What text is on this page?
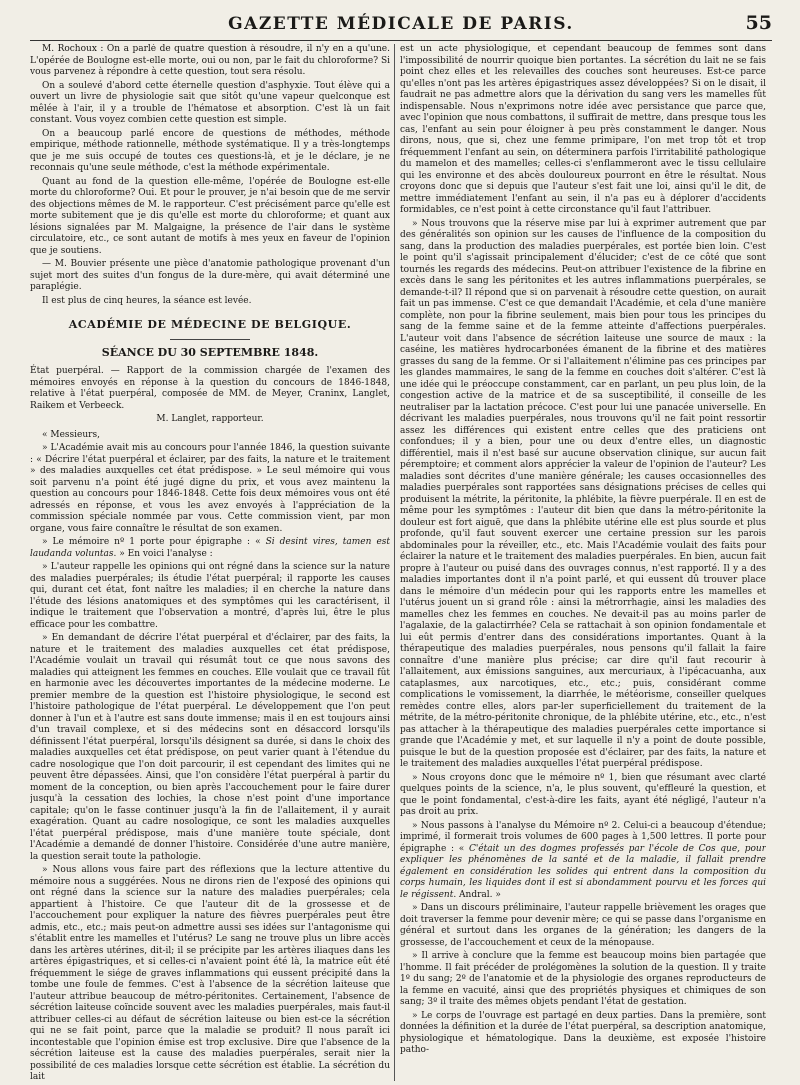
GAZETTE MÉDICALE DE PARIS.	55

M. Rochoux : On a parlé de quatre question à résoudre, il n'y en a qu'une. L'opérée de Boulogne est-elle morte, oui ou non, par le fait du chloroforme? Si vous parvenez à répondre à cette question, tout sera résolu.

On a soulevé d'abord cette éternelle question d'asphyxie. Tout élève qui a ouvert un livre de physiologie sait que sitôt qu'une vapeur quelconque est mêlée à l'air, il y a trouble de l'hématose et absorption. C'est là un fait constant. Vous voyez combien cette question est simple.

On a beaucoup parlé encore de questions de méthodes, méthode empirique, méthode rationnelle, méthode systématique. Il y a très-longtemps que je me suis occupé de toutes ces questions-là, et je le déclare, je ne reconnais qu'une seule méthode, c'est la méthode expérimentale.

Quant au fond de la question elle-même, l'opérée de Boulogne est-elle morte du chloroforme? Oui. Et pour le prouver, je n'ai besoin que de me servir des objections mêmes de M. le rapporteur. C'est précisément parce qu'elle est morte subitement que je dis qu'elle est morte du chloroforme; et quant aux lésions signalées par M. Malgaigne, la présence de l'air dans le système circulatoire, etc., ce sont autant de motifs à mes yeux en faveur de l'opinion que je soutiens.

— M. Bouvier présente une pièce d'anatomie pathologique provenant d'un sujet mort des suites d'un fongus de la dure-mère, qui avait déterminé une paraplégie.

Il est plus de cinq heures, la séance est levée.

ACADÉMIE DE MÉDECINE DE BELGIQUE.
SÉANCE DU 30 SEPTEMBRE 1848.

État puerpéral. — Rapport de la commission chargée de l'examen des mémoires envoyés en réponse à la question du concours de 1846-1848, relative à l'état puerpéral, composée de MM. de Meyer, Craninx, Langlet, Raikem et Verbeeck.

M. Langlet, rapporteur.

« Messieurs,

» L'Académie avait mis au concours pour l'année 1846, la question suivante : « Décrire l'état puerpéral et éclairer, par des faits, la nature et le traitement » des maladies auxquelles cet état prédispose. » Le seul mémoire qui vous soit parvenu n'a point été jugé digne du prix, et vous avez maintenu la question au concours pour 1846-1848. Cette fois deux mémoires vous ont été adressés en réponse, et vous les avez envoyés à l'appréciation de la commission spéciale nommée par vous. Cette commission vient, par mon organe, vous faire connaître le résultat de son examen.

» Le mémoire nº 1 porte pour épigraphe : « Si desint vires, tamen est laudanda voluntas. » En voici l'analyse :

» L'auteur rappelle les opinions qui ont régné dans la science sur la nature des maladies puerpérales; ils étudie l'état puerpéral; il rapporte les causes qui, durant cet état, font naître les maladies; il en cherche la nature dans l'étude des lésions anatomiques et des symptômes qui les caractérisent, il indique le traitement que l'observation a montré, d'après lui, être le plus efficace pour les combattre.

» En demandant de décrire l'état puerpéral et d'éclairer, par des faits, la nature et le traitement des maladies auxquelles cet état prédispose, l'Académie voulait un travail qui résumât tout ce que nous savons des maladies qui atteignent les femmes en couches. Elle voulait que ce travail fût en harmonie avec les découvertes importantes de la médecine moderne. Le premier membre de la question est l'histoire physiologique, le second est l'histoire pathologique de l'état puerpéral. Le développement que l'on peut donner à l'un et à l'autre est sans doute immense; mais il en est toujours ainsi d'un travail complexe, et si des médecins sont en désaccord lorsqu'ils définissent l'état puerpéral, lorsqu'ils désignent sa durée, si dans le choix des maladies auxquelles cet état prédispose, on peut varier quant à l'étendue du cadre nosologique que l'on doit parcourir, il est cependant des limites qui ne peuvent être dépassées. Ainsi, que l'on considère l'état puerpéral à partir du moment de la conception, ou bien après l'accouchement pour le faire durer jusqu'à la cessation des lochies, la chose n'est point d'une importance capitale; qu'on le fasse continuer jusqu'à la fin de l'allaitement, il y aurait exagération. Quant au cadre nosologique, ce sont les maladies auxquelles l'état puerpéral prédispose, mais d'une manière toute spéciale, dont l'Académie a demandé de donner l'histoire. Considérée d'une autre manière, la question serait toute la pathologie.

» Nous allons vous faire part des réflexions que la lecture attentive du mémoire nous a suggérées. Nous ne dirons rien de l'exposé des opinions qui ont régné dans la science sur la nature des maladies puerpérales; cela appartient à l'histoire. Ce que l'auteur dit de la grossesse et de l'accouchement pour expliquer la nature des fièvres puerpérales peut être admis, etc., etc.; mais peut-on admettre aussi ses idées sur l'antagonisme qui s'établit entre les mamelles et l'utérus? Le sang ne trouve plus un libre accès dans les artères utérines, dit-il; il se précipite par les artères iliaques dans les artères épigastriques, et si celles-ci n'avaient point été là, la matrice eût été fréquemment le siége de graves inflammations qui eussent précipité dans la tombe une foule de femmes. C'est à l'absence de la sécrétion laiteuse que l'auteur attribue beaucoup de métro-péritonites. Certainement, l'absence de sécrétion laiteuse coïncide souvent avec les maladies puerpérales, mais faut-il attribuer celles-ci au défaut de sécrétion laiteuse ou bien est-ce la sécrétion qui ne se fait point, parce que la maladie se produit? Il nous paraît ici incontestable que l'opinion émise est trop exclusive. Dire que l'absence de la sécrétion laiteuse est la cause des maladies puerpérales, serait nier la possibilité de ces maladies lorsque cette sécrétion est établie. La sécrétion du lait

est un acte physiologique, et cependant beaucoup de femmes sont dans l'impossibilité de nourrir quoique bien portantes. La sécrétion du lait ne se fais point chez elles et les relevailles des couches sont heureuses. Est-ce parce qu'elles n'ont pas les artères épigastriques assez développées? Si on le disait, il faudrait ne pas admettre alors que la dérivation du sang vers les mamelles fût indispensable. Nous n'exprimons notre idée avec persistance que parce que, avec l'opinion que nous combattons, il suffirait de mettre, dans presque tous les cas, l'enfant au sein pour éloigner à peu près constamment le danger. Nous dirons, nous, que si, chez une femme primipare, l'on met trop tôt et trop fréquemment l'enfant au sein, on déterminera parfois l'irritabilité pathologique du mamelon et des mamelles; celles-ci s'enflammeront avec le tissu cellulaire qui les environne et des abcès douloureux pourront en être le résultat. Nous croyons donc que si depuis que l'auteur s'est fait une loi, ainsi qu'il le dit, de mettre immédiatement l'enfant au sein, il n'a pas eu à déplorer d'accidents formidables, ce n'est point à cette circonstance qu'il faut l'attribuer.

» Nous trouvons que la réserve mise par lui à exprimer autrement que par des généralités son opinion sur les causes de l'influence de la composition du sang, dans la production des maladies puerpérales, est portée bien loin. C'est le point qu'il s'agissait principalement d'élucider; c'est de ce côté que sont tournés les regards des médecins. Peut-on attribuer l'existence de la fibrine en excès dans le sang les péritonites et les autres inflammations puerpérales, se demande-t-il? Il répond que si on parvenait à résoudre cette question, on aurait fait un pas immense. C'est ce que demandait l'Académie, et cela d'une manière complète, non pour la fibrine seulement, mais bien pour tous les principes du sang de la femme saine et de la femme atteinte d'affections puerpérales. L'auteur voit dans l'absence de sécrétion laiteuse une source de maux : la caséine, les matières hydrocarbonées émanent de la fibrine et des matières grasses du sang de la femme. Or si l'allaitement n'élimine pas ces principes par les glandes mammaires, le sang de la femme en couches doit s'altérer. C'est là une idée qui le préoccupe constamment, car en parlant, un peu plus loin, de la congestion active de la matrice et de sa susceptibilité, il conseille de les neutraliser par la lactation précoce. C'est pour lui une panacée universelle. En décrivant les maladies puerpérales, nous trouvons qu'il ne fait point ressortir assez les différences qui existent entre celles que des praticiens ont confondues; il y a bien, pour une ou deux d'entre elles, un diagnostic différentiel, mais il n'est basé sur aucune observation clinique, sur aucun fait péremptoire; et comment alors apprécier la valeur de l'opinion de l'auteur? Les maladies sont décrites d'une manière générale; les causes occasionnelles des maladies puerpérales sont rapportées sans désignations précises de celles qui produisent la métrite, la péritonite, la phlébite, la fièvre puerpérale. Il en est de même pour les symptômes : l'auteur dit bien que dans la métro-péritonite la douleur est fort aiguë, que dans la phlébite utérine elle est plus sourde et plus profonde, qu'il faut souvent exercer une certaine pression sur les parois abdominales pour la réveiller, etc., etc. Mais l'Académie voulait des faits pour éclairer la nature et le traitement des maladies puerpérales. En bien, aucun fait propre à l'auteur ou puisé dans des ouvrages connus, n'est rapporté. Il y a des maladies importantes dont il n'a point parlé, et qui eussent dû trouver place dans le mémoire d'un médecin pour qui les rapports entre les mamelles et l'utérus jouent un si grand rôle : ainsi la métrorrhagie, ainsi les maladies des mamelles chez les femmes en couches. Ne devait-il pas au moins parler de l'agalaxie, de la galactirrhée? Cela se rattachait à son opinion fondamentale et lui eût permis d'entrer dans des considérations importantes. Quant à la thérapeutique des maladies puerpérales, nous pensons qu'il fallait la faire connaître d'une manière plus précise; car dire qu'il faut recourir à l'allaitement, aux émissions sanguines, aux mercuriaux, à l'ipécacuanha, aux cataplasmes, aux narcotiques, etc., etc.; puis, considérant comme complications le vomissement, la diarrhée, le météorisme, conseiller quelques remèdes contre elles, alors par-ler superficiellement du traitement de la métrite, de la métro-péritonite chronique, de la phlébite utérine, etc., etc., n'est pas attacher à la thérapeutique des maladies puerpérales cette importance si grande que l'Académie y met, et sur laquelle il n'y a point de doute possible, puisque le but de la question proposée est d'éclairer, par des faits, la nature et le traitement des maladies auxquelles l'état puerpéral prédispose.

» Nous croyons donc que le mémoire nº 1, bien que résumant avec clarté quelques points de la science, n'a, le plus souvent, qu'effleuré la question, et que le point fondamental, c'est-à-dire les faits, ayant été négligé, l'auteur n'a pas droit au prix.

» Nous passons à l'analyse du Mémoire nº 2. Celui-ci a beaucoup d'étendue; imprimé, il formerait trois volumes de 600 pages à 1,500 lettres. Il porte pour épigraphe : « C'était un des dogmes professés par l'école de Cos que, pour expliquer les phénomènes de la santé et de la maladie, il fallait prendre également en considération les solides qui entrent dans la composition du corps humain, les liquides dont il est si abondamment pourvu et les forces qui le régissent. Andral. »

» Dans un discours préliminaire, l'auteur rappelle brièvement les orages que doit traverser la femme pour devenir mère; ce qui se passe dans l'organisme en général et surtout dans les organes de la génération; les dangers de la grossesse, de l'accouchement et ceux de la ménopause.

» Il arrive à conclure que la femme est beaucoup moins bien partagée que l'homme. Il fait précéder de prolégomènes la solution de la question. Il y traite 1º du sang; 2º de l'anatomie et de la physiologie des organes reproducteurs de la femme en vacuité, ainsi que des propriétés physiques et chimiques de son sang; 3º il traite des mêmes objets pendant l'état de gestation.

» Le corps de l'ouvrage est partagé en deux parties. Dans la première, sont données la définition et la durée de l'état puerpéral, sa description anatomique, physiologique et hématologique. Dans la deuxième, est exposée l'histoire patho-
